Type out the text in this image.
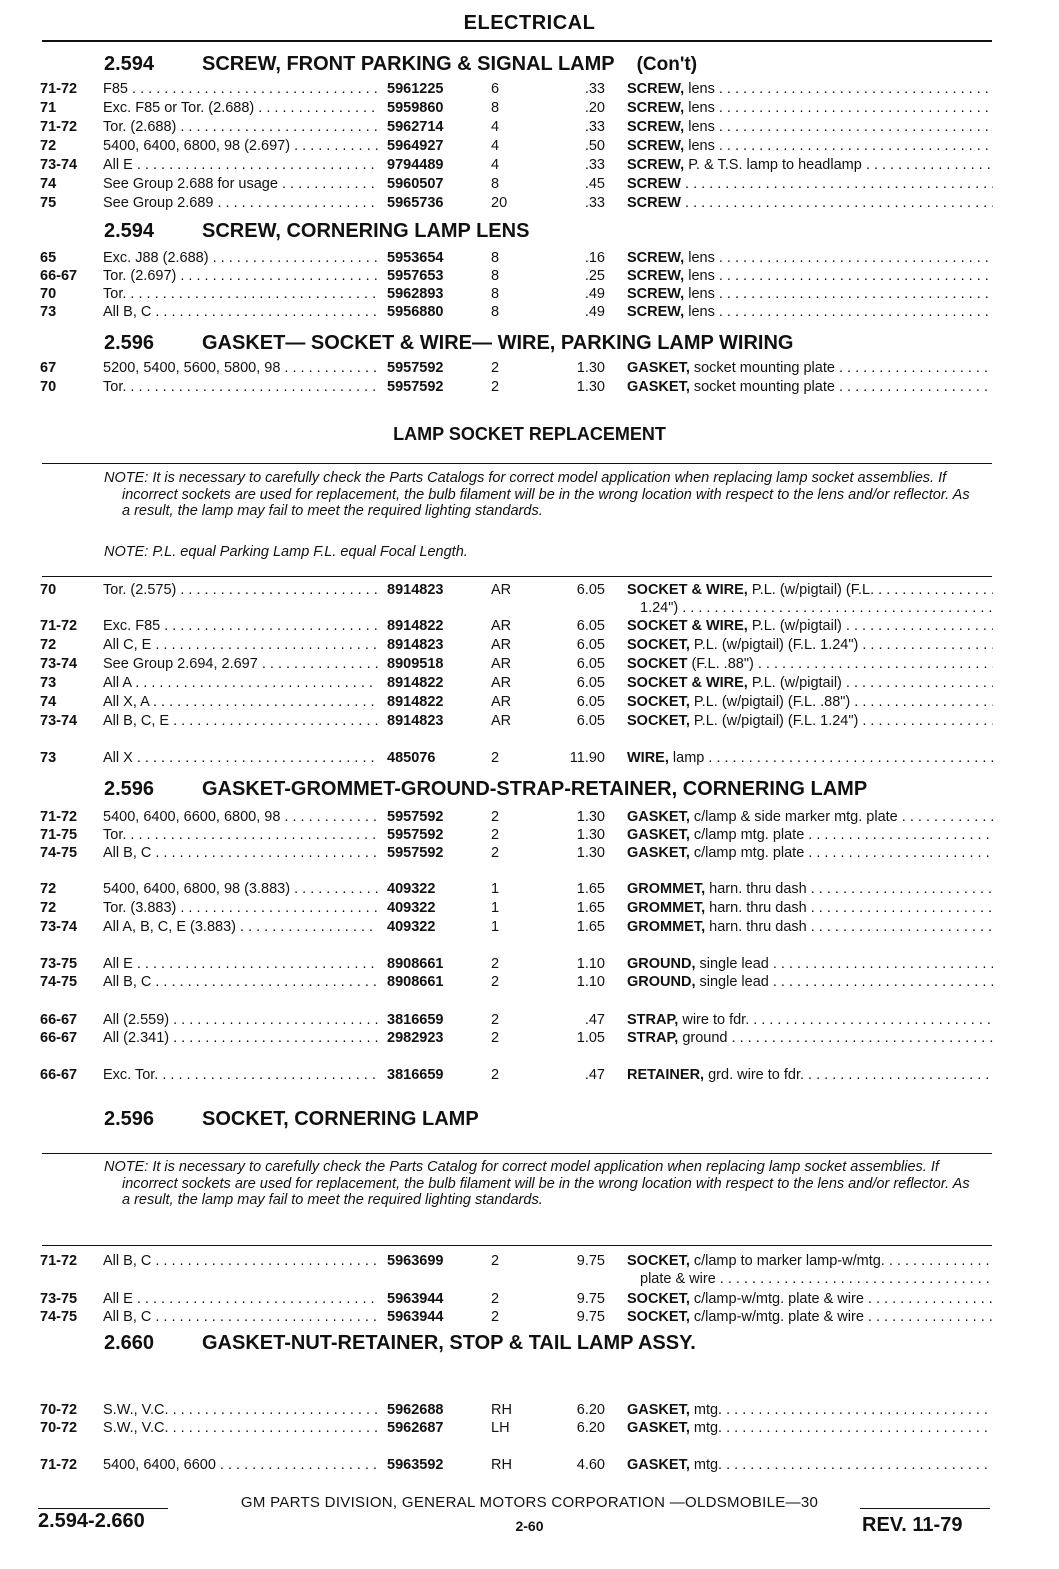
ELECTRICAL
2.594 SCREW, FRONT PARKING & SIGNAL LAMP (Con't)
71-72 F85 . . .	5961225	6	.33 SCREW, lens . . .
71	Exc. F85 or Tor. (2.688) . . .	5959860	8	.20 SCREW, lens . . .
71-72 Tor. (2.688) . . .	5962714	4	.33 SCREW, lens . . .
72	5400, 6400, 6800, 98 (2.697) . . .	5964927	4	.50 SCREW, lens . . .
73-74 All E . . .	9794489	4	.33 SCREW, P. & T.S. lamp to headlamp . . .
74	See Group 2.688 for usage . . .	5960507	8	.45 SCREW . . .
75	See Group 2.689 . . .	5965736	20	.33 SCREW . . .
2.594 SCREW, CORNERING LAMP LENS
65	Exc. J88 (2.688) . . .	5953654	8	.16 SCREW, lens . . .
66-67 Tor. (2.697) . . .	5957653	8	.25 SCREW, lens . . .
70	Tor. . . .	5962893	8	.49 SCREW, lens . . .
73	All B, C . . .	5956880	8	.49 SCREW, lens . . .
2.596 GASKET— SOCKET & WIRE— WIRE, PARKING LAMP WIRING
67	5200, 5400, 5600, 5800, 98 . . .	5957592	2	1.30 GASKET, socket mounting plate . . .
70	Tor. . . .	5957592	2	1.30 GASKET, socket mounting plate . . .
LAMP SOCKET REPLACEMENT
NOTE: It is necessary to carefully check the Parts Catalogs for correct model application when replacing lamp socket assemblies. If incorrect sockets are used for replacement, the bulb filament will be in the wrong location with respect to the lens and/or reflector. As a result, the lamp may fail to meet the required lighting standards.
NOTE: P.L. equal Parking Lamp F.L. equal Focal Length.
70	Tor. (2.575) . . .	8914823	AR	6.05 SOCKET & WIRE, P.L. (w/pigtail) (F.L. . . .
1.24") . . .
71-72 Exc. F85 . . .	8914822	AR	6.05 SOCKET & WIRE, P.L. (w/pigtail) . . .
72	All C, E . . .	8914823	AR	6.05 SOCKET, P.L. (w/pigtail) (F.L. 1.24") . . .
73-74 See Group 2.694, 2.697 . . .	8909518	AR	6.05 SOCKET (F.L. .88") . . .
73	All A . . .	8914822	AR	6.05 SOCKET & WIRE, P.L. (w/pigtail) . . .
74	All X, A . . .	8914822	AR	6.05 SOCKET, P.L. (w/pigtail) (F.L. .88") . . .
73-74 All B, C, E . . .	8914823	AR	6.05 SOCKET, P.L. (w/pigtail) (F.L. 1.24") . . .
73	All X . . .	485076	2	11.90 WIRE, lamp . . .
2.596 GASKET-GROMMET-GROUND-STRAP-RETAINER, CORNERING LAMP
71-72 5400, 6400, 6600, 6800, 98 . . .	5957592	2	1.30 GASKET, c/lamp & side marker mtg. plate . . .
71-75 Tor. . . .	5957592	2	1.30 GASKET, c/lamp mtg. plate . . .
74-75 All B, C . . .	5957592	2	1.30 GASKET, c/lamp mtg. plate . . .
72	5400, 6400, 6800, 98 (3.883) . . .	409322	1	1.65 GROMMET, harn. thru dash . . .
72	Tor. (3.883) . . .	409322	1	1.65 GROMMET, harn. thru dash . . .
73-74 All A, B, C, E (3.883) . . .	409322	1	1.65 GROMMET, harn. thru dash . . .
73-75 All E . . .	8908661	2	1.10 GROUND, single lead . . .
74-75 All B, C . . .	8908661	2	1.10 GROUND, single lead . . .
66-67 All (2.559) . . .	3816659	2	.47 STRAP, wire to fdr. . . .
66-67 All (2.341) . . .	2982923	2	1.05 STRAP, ground . . .
66-67 Exc. Tor. . . .	3816659	2	.47 RETAINER, grd. wire to fdr. . . .
2.596 SOCKET, CORNERING LAMP
NOTE: It is necessary to carefully check the Parts Catalog for correct model application when replacing lamp socket assemblies. If incorrect sockets are used for replacement, the bulb filament will be in the wrong location with respect to the lens and/or reflector. As a result, the lamp may fail to meet the required lighting standards.
71-72 All B, C . . .	5963699	2	9.75 SOCKET, c/lamp to marker lamp-w/mtg. . . .
plate & wire . . .
73-75 All E . . .	5963944	2	9.75 SOCKET, c/lamp-w/mtg. plate & wire . . .
74-75 All B, C . . .	5963944	2	9.75 SOCKET, c/lamp-w/mtg. plate & wire . . .
2.660 GASKET-NUT-RETAINER, STOP & TAIL LAMP ASSY.
70-72 S.W., V.C. . . .	5962688	RH	6.20 GASKET, mtg. . . .
70-72 S.W., V.C. . . .	5962687	LH	6.20 GASKET, mtg. . . .
71-72 5400, 6400, 6600 . . .	5963592	RH	4.60 GASKET, mtg. . . .
2.594-2.660
GM PARTS DIVISION, GENERAL MOTORS CORPORATION —OLDSMOBILE—30
2-60	REV. 11-79
